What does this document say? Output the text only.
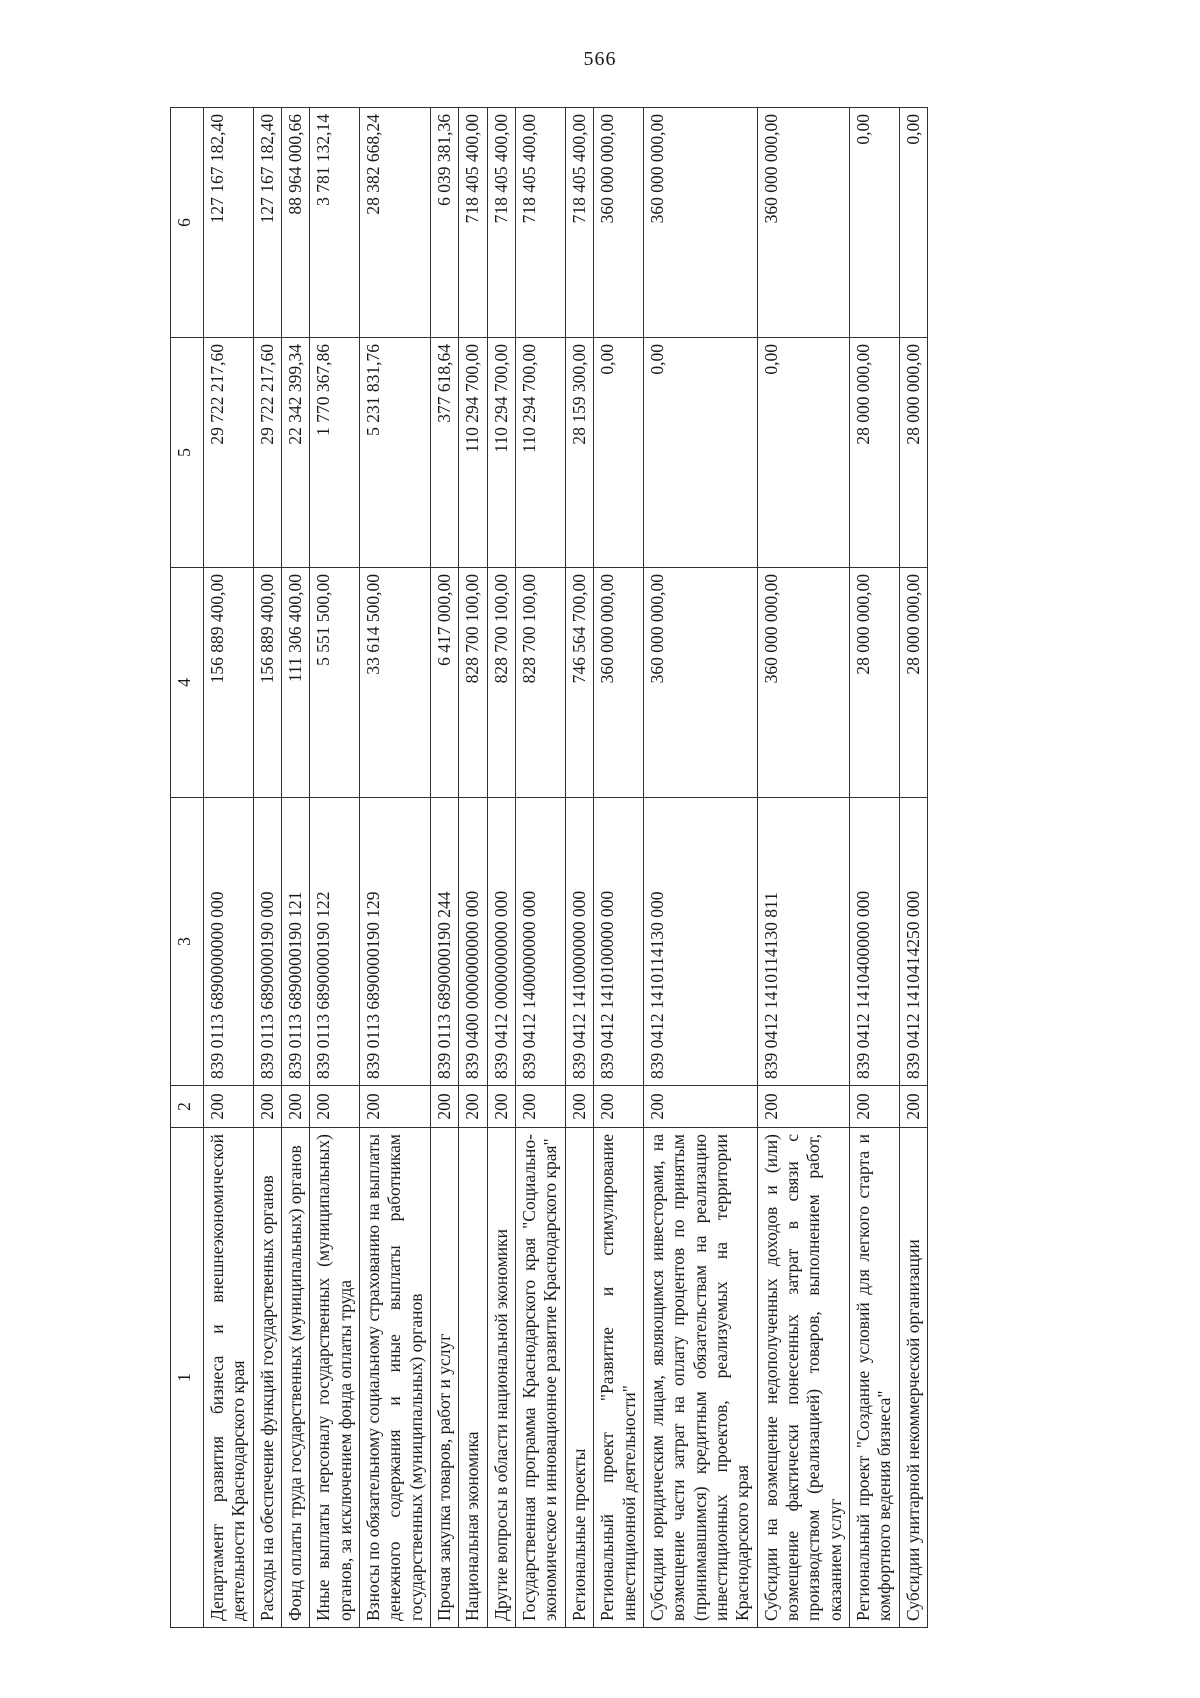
566
1	2	3	4	5	6
Департамент развития бизнеса и внешнеэкономической деятельности Краснодарского края	200	839 0113 6890000000 000	156 889 400,00	29 722 217,60	127 167 182,40
Расходы на обеспечение функций государственных органов	200	839 0113 6890000190 000	156 889 400,00	29 722 217,60	127 167 182,40
Фонд оплаты труда государственных (муниципальных) органов	200	839 0113 6890000190 121	111 306 400,00	22 342 399,34	88 964 000,66
Иные выплаты персоналу государственных (муниципальных) органов, за исключением фонда оплаты труда	200	839 0113 6890000190 122	5 551 500,00	1 770 367,86	3 781 132,14
Взносы по обязательному социальному страхованию на выплаты денежного содержания и иные выплаты работникам государственных (муниципальных) органов	200	839 0113 6890000190 129	33 614 500,00	5 231 831,76	28 382 668,24
Прочая закупка товаров, работ и услуг	200	839 0113 6890000190 244	6 417 000,00	377 618,64	6 039 381,36
Национальная экономика	200	839 0400 0000000000 000	828 700 100,00	110 294 700,00	718 405 400,00
Другие вопросы в области национальной экономики	200	839 0412 0000000000 000	828 700 100,00	110 294 700,00	718 405 400,00
Государственная программа Краснодарского края "Социально-экономическое и инновационное развитие Краснодарского края"	200	839 0412 1400000000 000	828 700 100,00	110 294 700,00	718 405 400,00
Региональные проекты	200	839 0412 1410000000 000	746 564 700,00	28 159 300,00	718 405 400,00
Региональный проект "Развитие и стимулирование инвестиционной деятельности"	200	839 0412 1410100000 000	360 000 000,00	0,00	360 000 000,00
Субсидии юридическим лицам, являющимся инвесторами, на возмещение части затрат на оплату процентов по принятым (принимавшимся) кредитным обязательствам на реализацию инвестиционных проектов, реализуемых на территории Краснодарского края	200	839 0412 1410114130 000	360 000 000,00	0,00	360 000 000,00
Субсидии на возмещение недополученных доходов и (или) возмещение фактически понесенных затрат в связи с производством (реализацией) товаров, выполнением работ, оказанием услуг	200	839 0412 1410114130 811	360 000 000,00	0,00	360 000 000,00
Региональный проект "Создание условий для легкого старта и комфортного ведения бизнеса"	200	839 0412 1410400000 000	28 000 000,00	28 000 000,00	0,00
Субсидии унитарной некоммерческой организации	200	839 0412 1410414250 000	28 000 000,00	28 000 000,00	0,00
